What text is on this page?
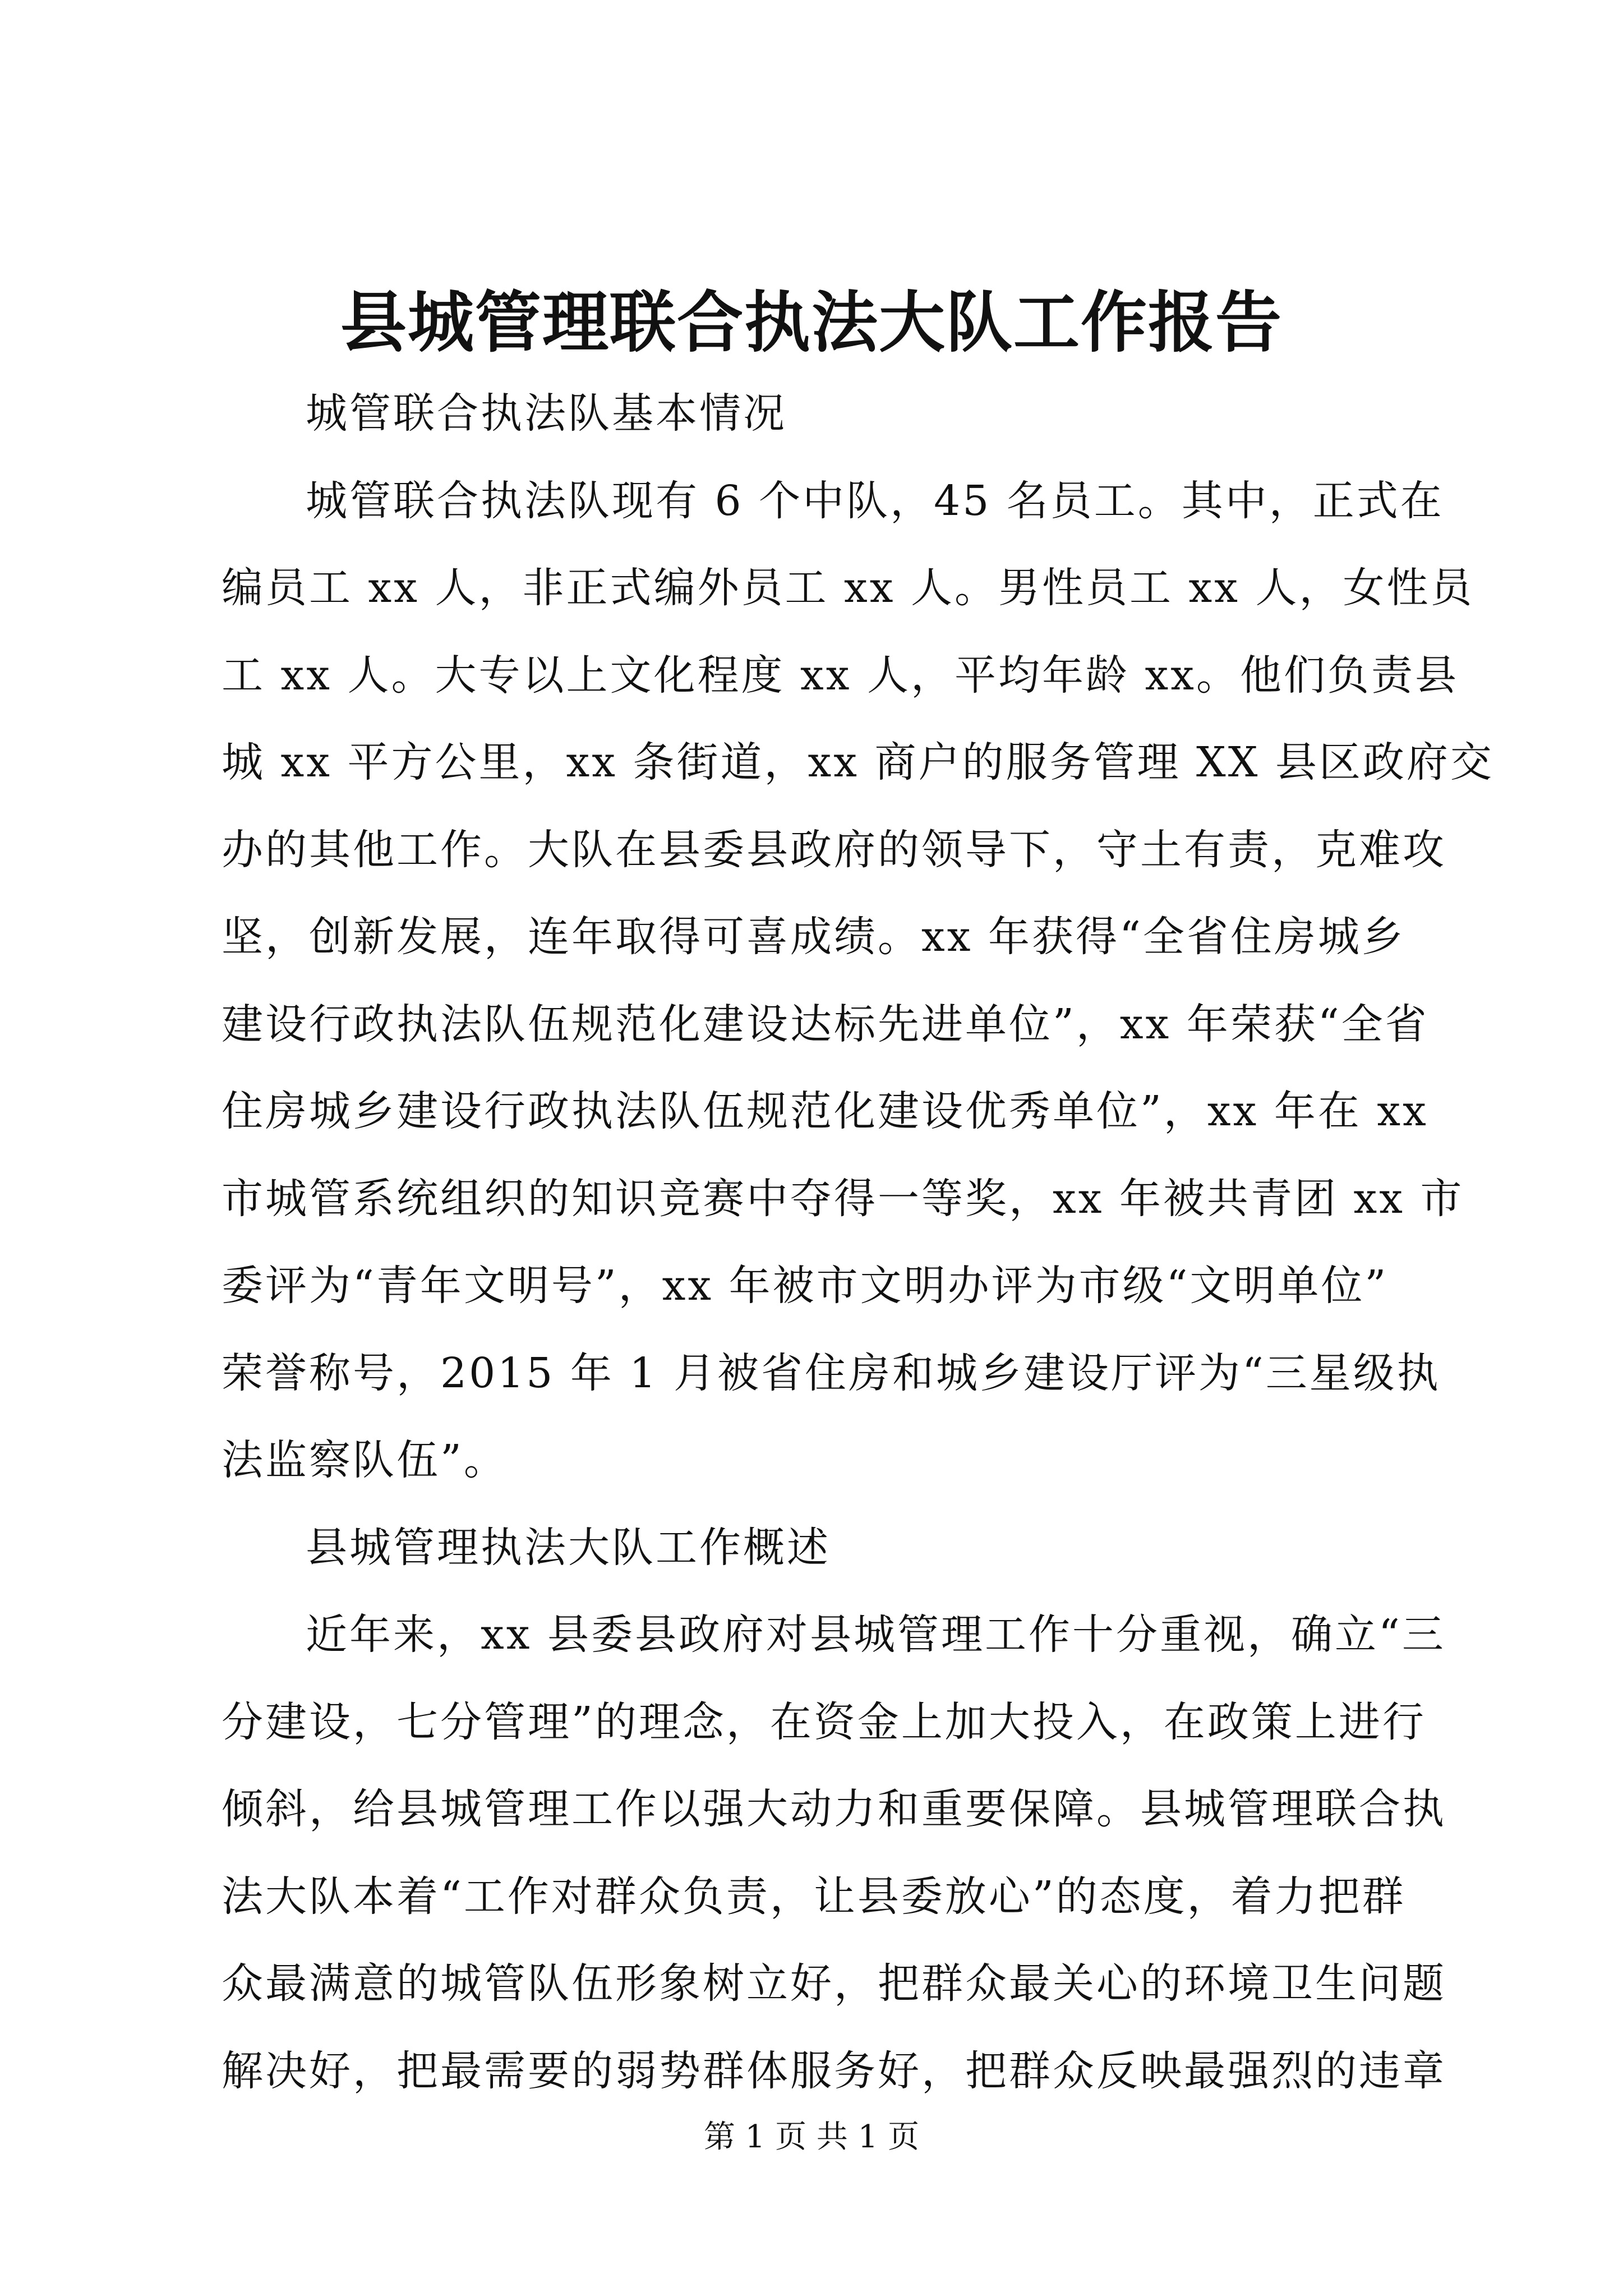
县城管理联合执法大队工作报告
城管联合执法队基本情况
城管联合执法队现有 6 个中队，45 名员工。其中，正式在
编员工 xx 人，非正式编外员工 xx 人。男性员工 xx 人，女性员
工 xx 人。大专以上文化程度 xx 人，平均年龄 xx。他们负责县
城 xx 平方公里，xx 条街道，xx 商户的服务管理 XX 县区政府交
办的其他工作。大队在县委县政府的领导下，守土有责，克难攻
坚，创新发展，连年取得可喜成绩。xx 年获得“全省住房城乡
建设行政执法队伍规范化建设达标先进单位”，xx 年荣获“全省
住房城乡建设行政执法队伍规范化建设优秀单位”，xx 年在 xx
市城管系统组织的知识竞赛中夺得一等奖，xx 年被共青团 xx 市
委评为“青年文明号”，xx 年被市文明办评为市级“文明单位”
荣誉称号，2015 年 1 月被省住房和城乡建设厅评为“三星级执
法监察队伍”。
县城管理执法大队工作概述
近年来，xx 县委县政府对县城管理工作十分重视，确立“三
分建设，七分管理”的理念，在资金上加大投入，在政策上进行
倾斜，给县城管理工作以强大动力和重要保障。县城管理联合执
法大队本着“工作对群众负责，让县委放心”的态度，着力把群
众最满意的城管队伍形象树立好，把群众最关心的环境卫生问题
解决好，把最需要的弱势群体服务好，把群众反映最强烈的违章
第 1 页 共 1 页
